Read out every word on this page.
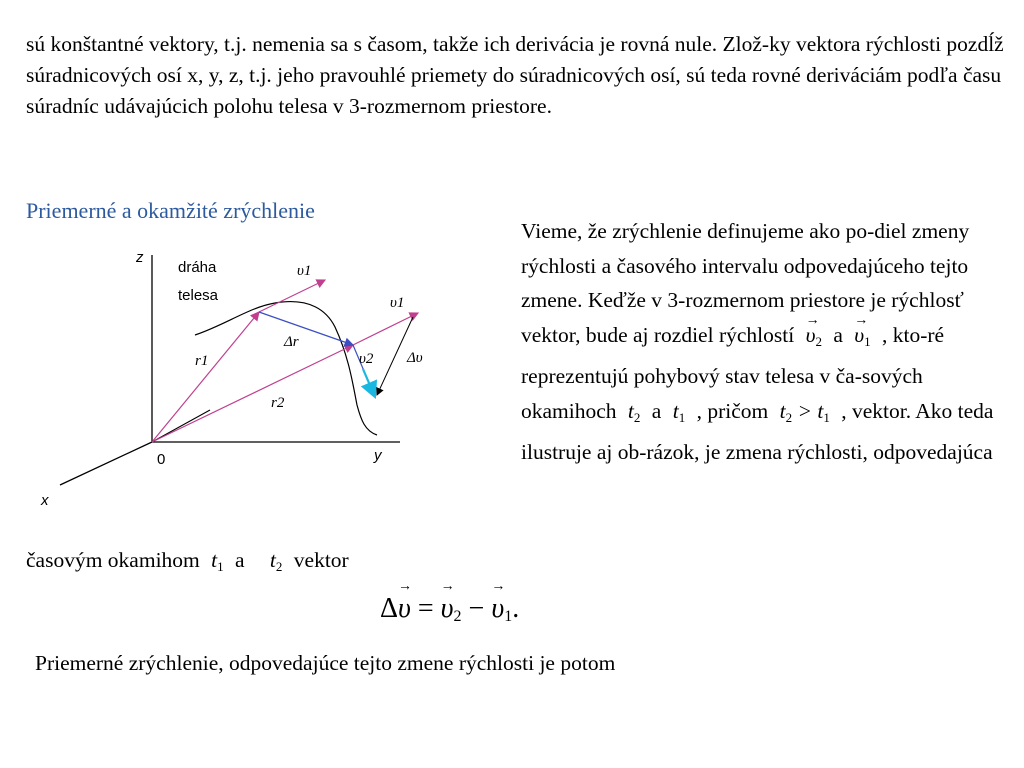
sú konštantné vektory, t.j. nemenia sa s časom, takže ich derivácia je rovná nule. Zlož-ky vektora rýchlosti pozdĺž súradnicových osí x, y, z, t.j. jeho pravouhlé priemety do súradnicových osí, sú teda rovné deriváciám podľa času súradníc udávajúcich polohu telesa v 3-rozmernom priestore.
Priemerné a okamžité zrýchlenie
z
y
x
0
dráha
telesa
υ1
υ1
υ2
Δr
Δυ
r1
r2
Vieme, že zrýchlenie definujeme ako po-diel zmeny rýchlosti a časového intervalu odpovedajúceho tejto zmene. Keďže v 3-rozmernom priestore je rýchlosť vektor, bude aj rozdiel rýchlostí → $\upsilon_2$ $a \to \upsilon_1$ , kto-ré reprezentujú pohybový stav telesa v ča-sových okamihoch $t_2$ a $t_1$ , pričom $t_2 > t_1$ , vektor. Ako teda ilustruje aj ob-rázok, je zmena rýchlosti, odpovedajúca
časovým okamihom $t_1$ a $t_2$ vektor
Δ→ υ = → $\upsilon_2$ − → $\upsilon_1$.
Priemerné zrýchlenie, odpovedajúce tejto zmene rýchlosti je potom
